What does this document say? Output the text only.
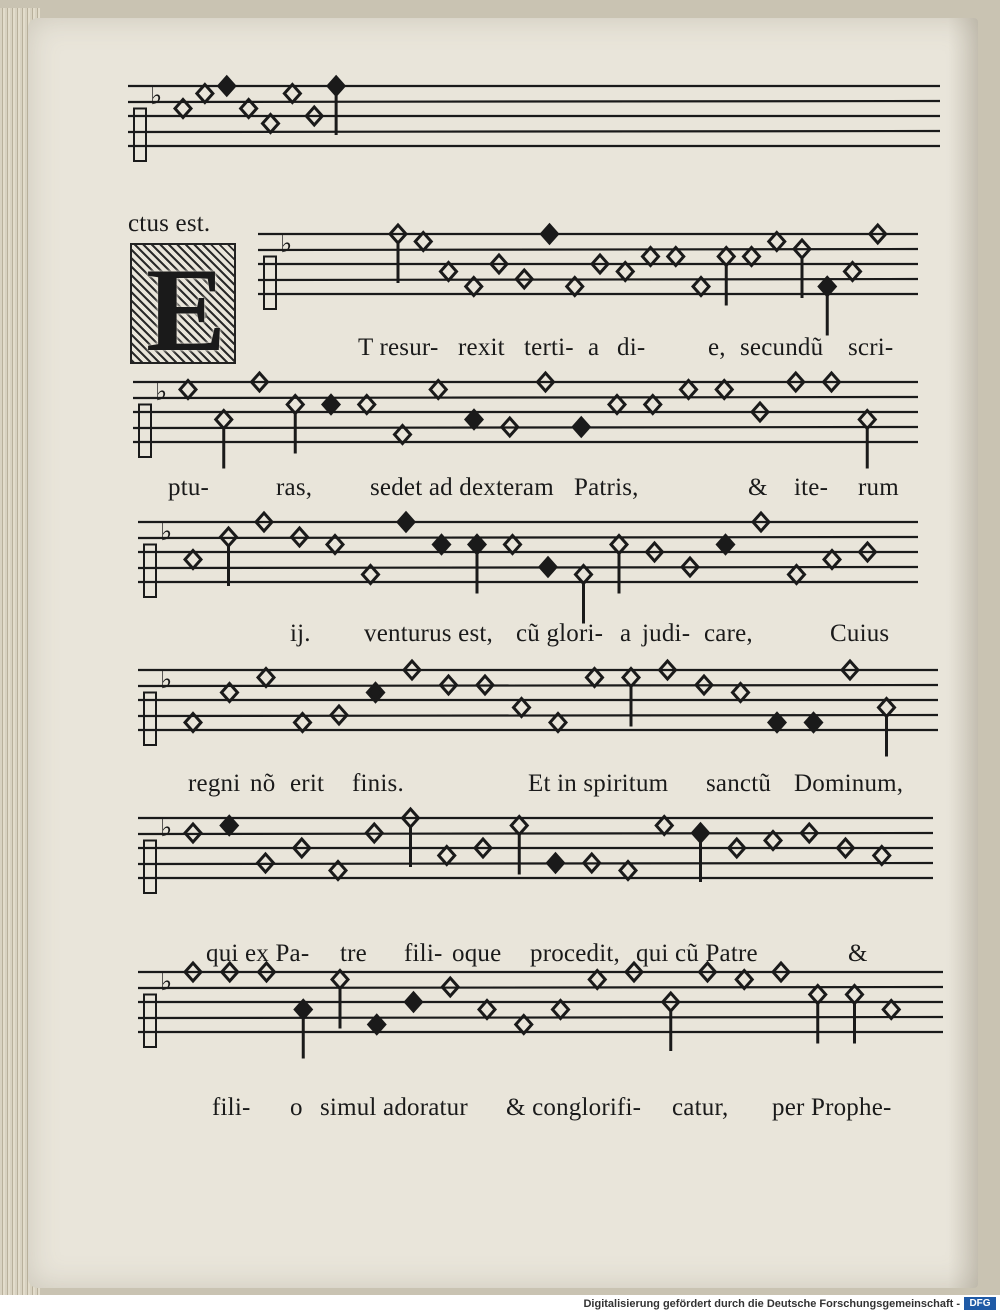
♭
♭
♭
♭
♭
♭
♭
E
ctus est.
T resur- rexit terti- a di-	e, secundũ scri-
ptu-	ras, sedet ad dexteram Patris,	& ite- rum
ij. venturus est, cũ glori- a judi- care,	Cuius
regni nõ erit finis.	Et in spiritum sanctũ Dominum,
qui ex Pa- tre fili- oque procedit, qui cũ Patre	&
fili- o simul adoratur & conglorifi- catur, per Prophe-
Digitalisierung gefördert durch die Deutsche Forschungsgemeinschaft - DFG
